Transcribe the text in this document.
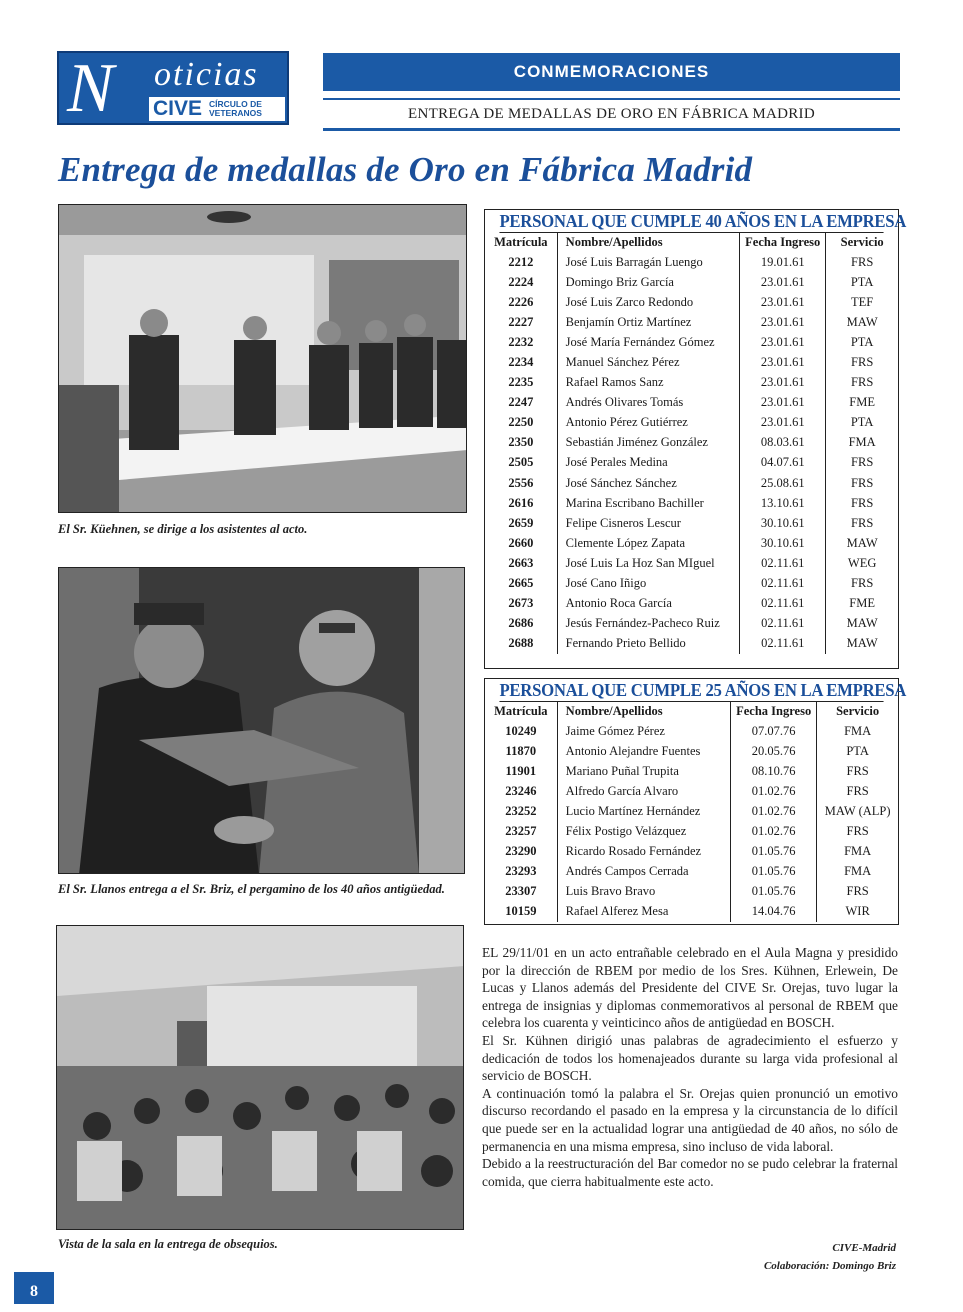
N oticias
CIVE CÍRCULO DE
VETERANOS
CONMEMORACIONES
ENTREGA DE MEDALLAS DE ORO EN FÁBRICA MADRID
Entrega de medallas de Oro en Fábrica Madrid
El Sr. Küehnen, se dirige a los asistentes al acto.
El Sr. Llanos entrega a el Sr. Briz, el pergamino de los 40 años antigüedad.
Vista de la sala en la entrega de obsequios.
PERSONAL QUE CUMPLE 40 AÑOS EN LA EMPRESA
Matrícula	Nombre/Apellidos	Fecha Ingreso	Servicio
2212	José Luis Barragán Luengo	19.01.61	FRS
2224	Domingo Briz García	23.01.61	PTA
2226	José Luis Zarco Redondo	23.01.61	TEF
2227	Benjamín Ortiz Martínez	23.01.61	MAW
2232	José María Fernández Gómez	23.01.61	PTA
2234	Manuel Sánchez Pérez	23.01.61	FRS
2235	Rafael Ramos Sanz	23.01.61	FRS
2247	Andrés Olivares Tomás	23.01.61	FME
2250	Antonio Pérez Gutiérrez	23.01.61	PTA
2350	Sebastián Jiménez González	08.03.61	FMA
2505	José Perales Medina	04.07.61	FRS
2556	José Sánchez Sánchez	25.08.61	FRS
2616	Marina Escribano Bachiller	13.10.61	FRS
2659	Felipe Cisneros Lescur	30.10.61	FRS
2660	Clemente López Zapata	30.10.61	MAW
2663	José Luis La Hoz San MIguel	02.11.61	WEG
2665	José Cano Iñigo	02.11.61	FRS
2673	Antonio Roca García	02.11.61	FME
2686	Jesús Fernández-Pacheco Ruiz	02.11.61	MAW
2688	Fernando Prieto Bellido	02.11.61	MAW
PERSONAL QUE CUMPLE 25 AÑOS EN LA EMPRESA
Matrícula	Nombre/Apellidos	Fecha Ingreso	Servicio
10249	Jaime Gómez Pérez	07.07.76	FMA
11870	Antonio Alejandre Fuentes	20.05.76	PTA
11901	Mariano Puñal Trupita	08.10.76	FRS
23246	Alfredo García Alvaro	01.02.76	FRS
23252	Lucio Martínez Hernández	01.02.76	MAW (ALP)
23257	Félix Postigo Velázquez	01.02.76	FRS
23290	Ricardo Rosado Fernández	01.05.76	FMA
23293	Andrés Campos Cerrada	01.05.76	FMA
23307	Luis Bravo Bravo	01.05.76	FRS
10159	Rafael Alferez Mesa	14.04.76	WIR

EL 29/11/01 en un acto entrañable celebrado en el Aula Magna y presidido por la dirección de RBEM por medio de los Sres. Kühnen, Erlewein, De Lucas y Llanos además del Presidente del CIVE Sr. Orejas, tuvo lugar la entrega de insignias y diplomas conmemorativos al personal de RBEM que celebra los cuarenta y veinticinco años de antigüedad en BOSCH.

El Sr. Kühnen dirigió unas palabras de agradecimiento el esfuerzo y dedicación de todos los homenajeados durante su larga vida profesional al servicio de BOSCH.

A continuación tomó la palabra el Sr. Orejas quien pronunció un emotivo discurso recordando el pasado en la empresa y la circunstancia de lo difícil que puede ser en la actualidad lograr una antigüedad de 40 años, no sólo de permanencia en una misma empresa, sino incluso de vida laboral.

Debido a la reestructuración del Bar comedor no se pudo celebrar la fraternal comida, que cierra habitualmente este acto.

CIVE-Madrid
Colaboración: Domingo Briz
8
